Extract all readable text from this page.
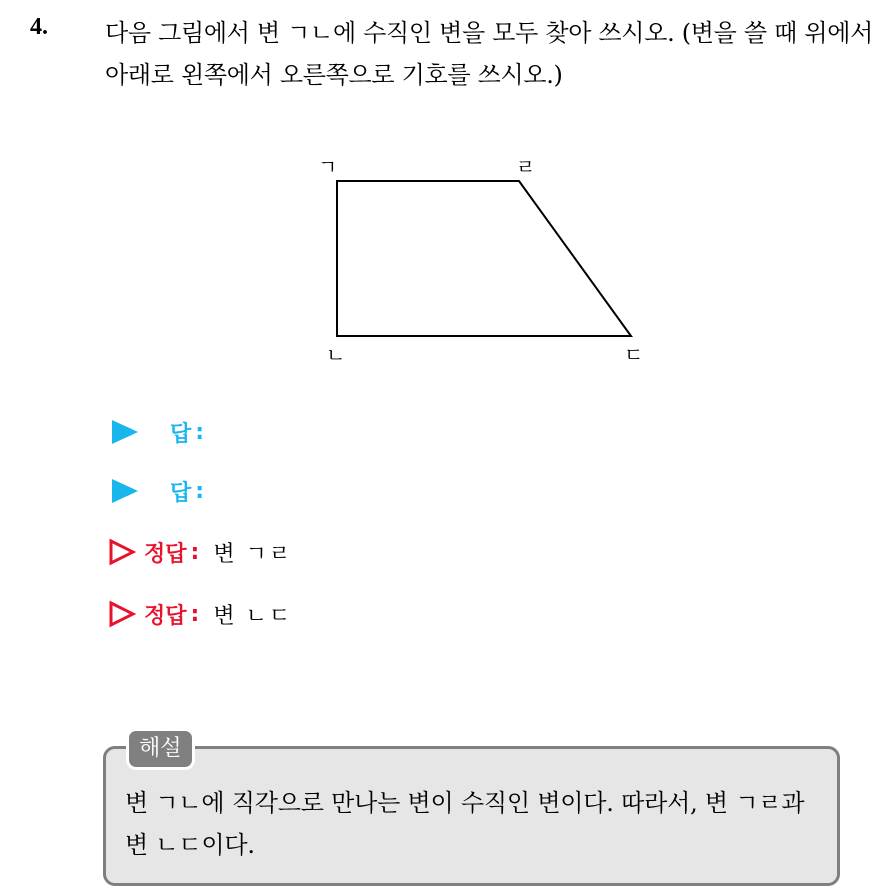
4. 다음 그림에서 변 ㄱㄴ에 수직인 변을 모두 찾아 쓰시오. (변을 쓸 때 위에서 아래로 왼쪽에서 오른쪽으로 기호를 쓰시오.)
ㄱ
ㄴ	ㄷ
ㄹ
답 :
답 :
정답 : 변 ㄱㄹ
정답 : 변 ㄴㄷ
해설
변 ㄱㄴ에 직각으로 만나는 변이 수직인 변이다. 따라서, 변 ㄱㄹ과 변 ㄴㄷ이다.
